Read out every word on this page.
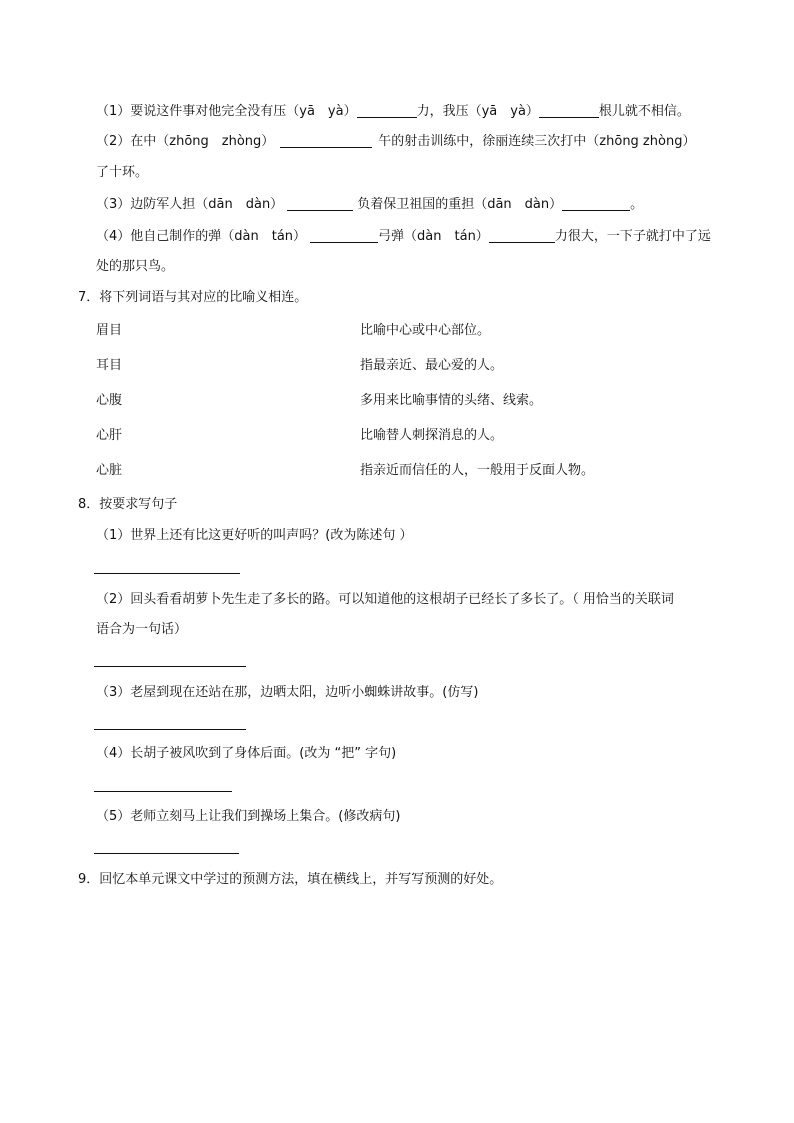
（1）要说这件事对他完全没有压（yā　yà）	力，我压（yā　yà）	根儿就不相信。
（2）在中（zhōng　zhòng）	午的射击训练中，徐丽连续三次打中（zhōng zhòng）
了十环。
（3）边防军人担（dān　dàn）	负着保卫祖国的重担（dān　dàn）	。
（4）他自己制作的弹（dàn　tán）	弓弹（dàn　tán）	力很大，一下子就打中了远
处的那只鸟。
7．将下列词语与其对应的比喻义相连。
眉目	比喻中心或中心部位。
耳目	指最亲近、最心爱的人。
心腹	多用来比喻事情的头绪、线索。
心肝	比喻替人刺探消息的人。
心脏	指亲近而信任的人，一般用于反面人物。
8．按要求写句子
（1）世界上还有比这更好听的叫声吗？(改为陈述句 ）
（2）回头看看胡萝卜先生走了多长的路。可以知道他的这根胡子已经长了多长了。（ 用恰当的关联词
语合为一句话）
（3）老屋到现在还站在那，边晒太阳，边听小蜘蛛讲故事。(仿写)
（4）长胡子被风吹到了身体后面。(改为 “把” 字句)
（5）老师立刻马上让我们到操场上集合。(修改病句)
9．回忆本单元课文中学过的预测方法，填在横线上，并写写预测的好处。
